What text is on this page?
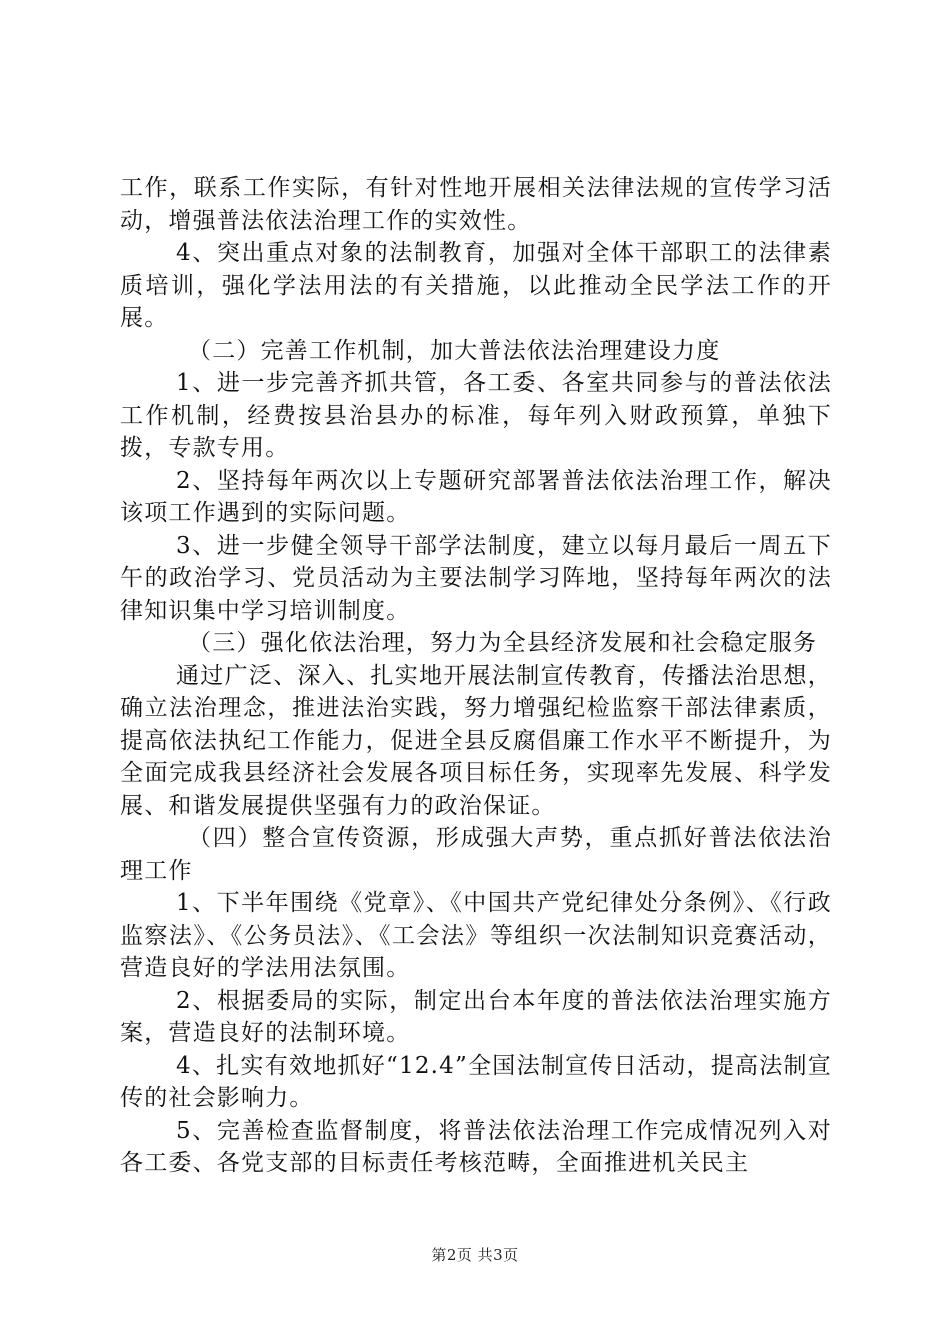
工作，联系工作实际，有针对性地开展相关法律法规的宣传学习活动，增强普法依法治理工作的实效性。

4、突出重点对象的法制教育，加强对全体干部职工的法律素质培训，强化学法用法的有关措施，以此推动全民学法工作的开展。

（二）完善工作机制，加大普法依法治理建设力度

1、进一步完善齐抓共管，各工委、各室共同参与的普法依法工作机制，经费按县治县办的标准，每年列入财政预算，单独下拨，专款专用。

2、坚持每年两次以上专题研究部署普法依法治理工作，解决该项工作遇到的实际问题。

3、进一步健全领导干部学法制度，建立以每月最后一周五下午的政治学习、党员活动为主要法制学习阵地，坚持每年两次的法律知识集中学习培训制度。

（三）强化依法治理，努力为全县经济发展和社会稳定服务

通过广泛、深入、扎实地开展法制宣传教育，传播法治思想，确立法治理念，推进法治实践，努力增强纪检监察干部法律素质，提高依法执纪工作能力，促进全县反腐倡廉工作水平不断提升，为全面完成我县经济社会发展各项目标任务，实现率先发展、科学发展、和谐发展提供坚强有力的政治保证。

（四）整合宣传资源，形成强大声势，重点抓好普法依法治理工作

1、下半年围绕《党章》、《中国共产党纪律处分条例》、《行政监察法》、《公务员法》、《工会法》等组织一次法制知识竞赛活动，营造良好的学法用法氛围。

2、根据委局的实际，制定出台本年度的普法依法治理实施方案，营造良好的法制环境。

4、扎实有效地抓好“12.4”全国法制宣传日活动，提高法制宣传的社会影响力。

5、完善检查监督制度，将普法依法治理工作完成情况列入对各工委、各党支部的目标责任考核范畴，全面推进机关民主

第2页 共3页
